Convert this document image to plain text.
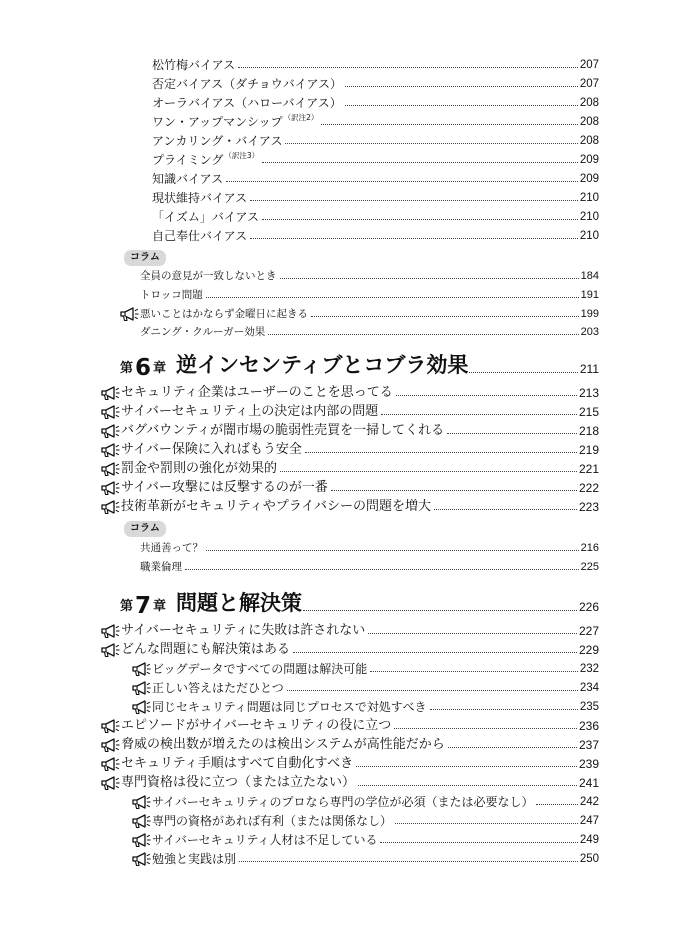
松竹梅バイアス	207
否定バイアス（ダチョウバイアス）	207
オーラバイアス（ハローバイアス）	208
ワン・アップマンシップ （訳注2）	208
アンカリング・バイアス	208
プライミング （訳注3）	209
知識バイアス	209
現状維持バイアス	210
「イズム」バイアス	210
自己奉仕バイアス	210
コラム
全員の意見が一致しないとき	184
トロッコ問題	191
悪いことはかならず金曜日に起きる	199
ダニング・クルーガー効果	203
第 6 章 逆インセンティブとコブラ効果	211
セキュリティ企業はユーザーのことを思ってる	213
サイバーセキュリティ上の決定は内部の問題	215
バグバウンティが闇市場の脆弱性売買を一掃してくれる	218
サイバー保険に入ればもう安全	219
罰金や罰則の強化が効果的	221
サイバー攻撃には反撃するのが一番	222
技術革新がセキュリティやプライバシーの問題を増大	223
コラム
共通善って？	216
職業倫理	225
第 7 章 問題と解決策	226
サイバーセキュリティに失敗は許されない	227
どんな問題にも解決策はある	229
ビッグデータですべての問題は解決可能	232
正しい答えはただひとつ	234
同じセキュリティ問題は同じプロセスで対処すべき	235
エピソードがサイバーセキュリティの役に立つ	236
脅威の検出数が増えたのは検出システムが高性能だから	237
セキュリティ手順はすべて自動化すべき	239
専門資格は役に立つ（または立たない）	241
サイバーセキュリティのプロなら専門の学位が必須（または必要なし）	242
専門の資格があれば有利（または関係なし）	247
サイバーセキュリティ人材は不足している	249
勉強と実践は別	250
